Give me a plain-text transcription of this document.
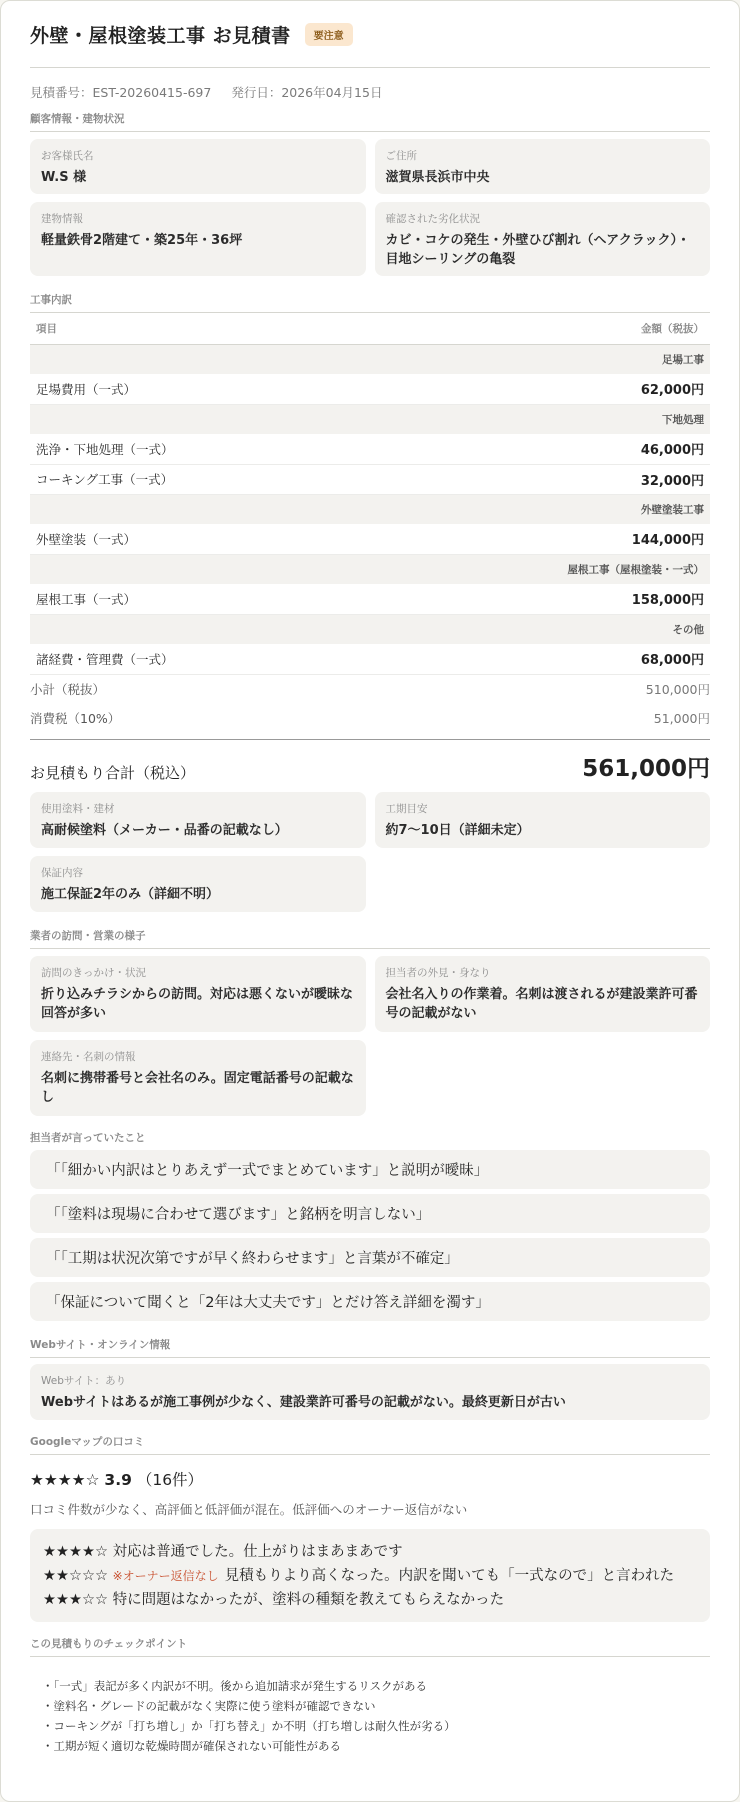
外壁・屋根塗装工事 お見積書	要注意
見積番号：EST-20260415-697 発行日：2026年04月15日
顧客情報・建物状況
お客様氏名
W.S 様
ご住所
滋賀県長浜市中央
建物情報
軽量鉄骨2階建て・築25年・36坪
確認された劣化状況
カビ・コケの発生・外壁ひび割れ（ヘアクラック）・目地シーリングの亀裂
工事内訳
項目	金額（税抜）
足場工事	
足場費用（一式）	62,000円
下地処理	
洗浄・下地処理（一式）	46,000円
コーキング工事（一式）	32,000円
外壁塗装工事	
外壁塗装（一式）	144,000円
屋根工事（屋根塗装・一式）	
屋根工事（一式）	158,000円
その他	
諸経費・管理費（一式）	68,000円
小計（税抜）	510,000円
消費税（10%）	51,000円
お見積もり合計（税込）	561,000円
使用塗料・建材
高耐候塗料（メーカー・品番の記載なし）
工期目安
約7〜10日（詳細未定）
保証内容
施工保証2年のみ（詳細不明）
業者の訪問・営業の様子
訪問のきっかけ・状況
折り込みチラシからの訪問。対応は悪くないが曖昧な回答が多い
担当者の外見・身なり
会社名入りの作業着。名刺は渡されるが建設業許可番号の記載がない
連絡先・名刺の情報
名刺に携帯番号と会社名のみ。固定電話番号の記載なし
担当者が言っていたこと
「「細かい内訳はとりあえず一式でまとめています」と説明が曖昧」
「「塗料は現場に合わせて選びます」と銘柄を明言しない」
「「工期は状況次第ですが早く終わらせます」と言葉が不確定」
「保証について聞くと「2年は大丈夫です」とだけ答え詳細を濁す」
Webサイト・オンライン情報
Webサイト：あり
Webサイトはあるが施工事例が少なく、建設業許可番号の記載がない。最終更新日が古い
Googleマップの口コミ
★★★★☆ 3.9 （16件）
口コミ件数が少なく、高評価と低評価が混在。低評価へのオーナー返信がない
★★★★☆ 対応は普通でした。仕上がりはまあまあです
★★☆☆☆ ※オーナー返信なし 見積もりより高くなった。内訳を聞いても「一式なので」と言われた
★★★☆☆ 特に問題はなかったが、塗料の種類を教えてもらえなかった
この見積もりのチェックポイント
・「一式」表記が多く内訳が不明。後から追加請求が発生するリスクがある
・塗料名・グレードの記載がなく実際に使う塗料が確認できない
・コーキングが「打ち増し」か「打ち替え」か不明（打ち増しは耐久性が劣る）
・工期が短く適切な乾燥時間が確保されない可能性がある
